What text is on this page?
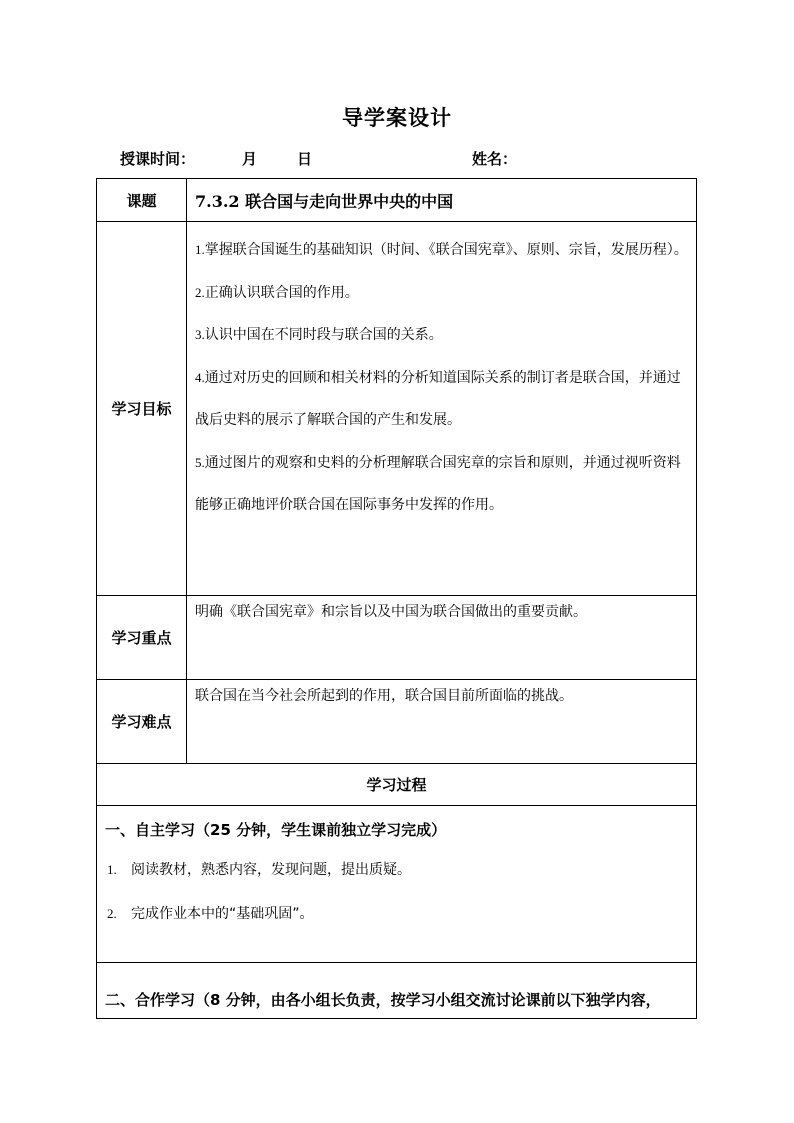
导学案设计
授课时间：	月	日	姓名：
课题	7.3.2 联合国与走向世界中央的中国
学习目标	1.掌握联合国诞生的基础知识（时间、《联合国宪章》、原则、宗旨，发展历程）。

2.正确认识联合国的作用。

3.认识中国在不同时段与联合国的关系。

4.通过对历史的回顾和相关材料的分析知道国际关系的制订者是联合国，并通过战后史料的展示了解联合国的产生和发展。

5.通过图片的观察和史料的分析理解联合国宪章的宗旨和原则，并通过视听资料能够正确地评价联合国在国际事务中发挥的作用。

学习重点	明确《联合国宪章》和宗旨以及中国为联合国做出的重要贡献。
学习难点	联合国在当今社会所起到的作用，联合国目前所面临的挑战。
学习过程	

一、自主学习（25 分钟，学生课前独立学习完成）

1. 阅读教材，熟悉内容，发现问题，提出质疑。

2. 完成作业本中的“基础巩固”。	

二、合作学习（8 分钟，由各小组长负责，按学习小组交流讨论课前以下独学内容，	
